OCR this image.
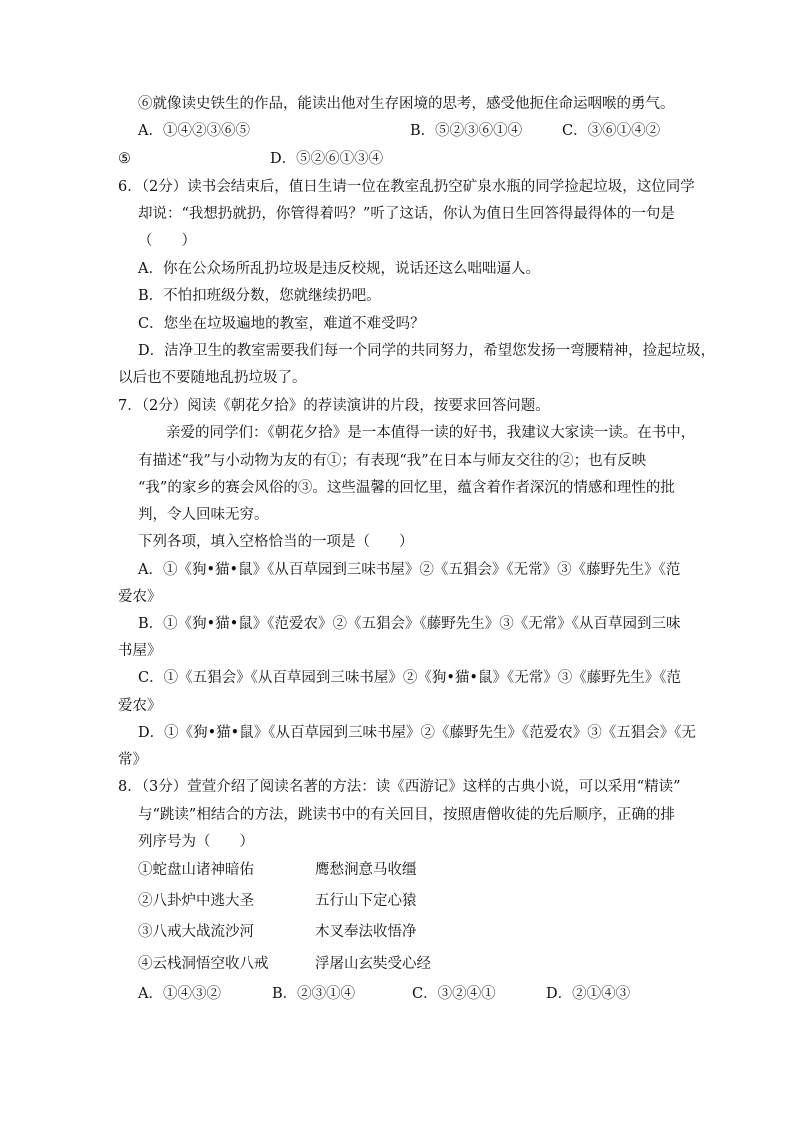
⑥就像读史铁生的作品，能读出他对生存困境的思考，感受他扼住命运咽喉的勇气。
A．①④②③⑥⑤	B．⑤②③⑥①④	C．③⑥①④②
⑤	D．⑤②⑥①③④
6．（2分）读书会结束后，值日生请一位在教室乱扔空矿泉水瓶的同学捡起垃圾，这位同学
却说：“我想扔就扔，你管得着吗？”听了这话，你认为值日生回答得最得体的一句是
（　　）
A．你在公众场所乱扔垃圾是违反校规，说话还这么咄咄逼人。
B．不怕扣班级分数，您就继续扔吧。
C．您坐在垃圾遍地的教室，难道不难受吗？
D．洁净卫生的教室需要我们每一个同学的共同努力，希望您发扬一弯腰精神，捡起垃圾，
以后也不要随地乱扔垃圾了。
7．（2分）阅读《朝花夕拾》的荐读演讲的片段，按要求回答问题。
亲爱的同学们：《朝花夕拾》是一本值得一读的好书，我建议大家读一读。在书中，
有描述“我”与小动物为友的有①；有表现“我”在日本与师友交往的②；也有反映
“我”的家乡的赛会风俗的③。这些温馨的回忆里，蕴含着作者深沉的情感和理性的批
判，令人回味无穷。
下列各项，填入空格恰当的一项是（　　）
A．①《狗•猫•鼠》《从百草园到三味书屋》②《五猖会》《无常》③《藤野先生》《范
爱农》
B．①《狗•猫•鼠》《范爱农》②《五猖会》《藤野先生》③《无常》《从百草园到三味
书屋》
C．①《五猖会》《从百草园到三味书屋》②《狗•猫•鼠》《无常》③《藤野先生》《范
爱农》
D．①《狗•猫•鼠》《从百草园到三味书屋》②《藤野先生》《范爱农》③《五猖会》《无
常》
8．（3分）萱萱介绍了阅读名著的方法：读《西游记》这样的古典小说，可以采用“精读”
与“跳读”相结合的方法，跳读书中的有关回目，按照唐僧收徒的先后顺序，正确的排
列序号为（　　）
①蛇盘山诸神暗佑	鹰愁涧意马收缰
②八卦炉中逃大圣	五行山下定心猿
③八戒大战流沙河	木叉奉法收悟净
④云栈洞悟空收八戒	浮屠山玄奘受心经
A．①④③②	B．②③①④	C．③②④①	D．②①④③
